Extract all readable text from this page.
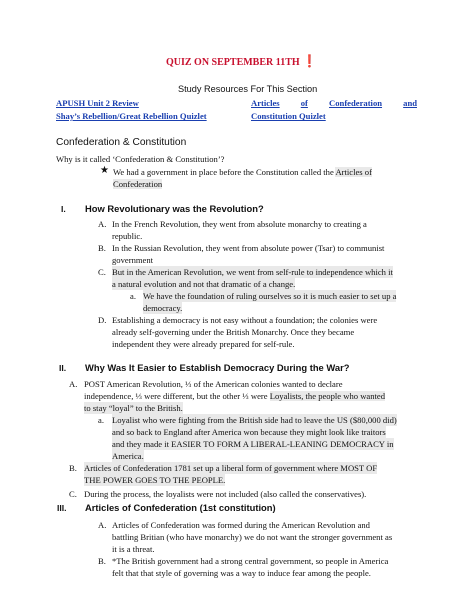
QUIZ ON SEPTEMBER 11TH ❗
Study Resources For This Section
APUSH Unit 2 Review
Shay’s Rebellion/Great Rebellion Quizlet
Articles of Confederation and
Constitution Quizlet
Confederation & Constitution
Why is it called ‘Confederation & Constitution’?
★ We had a government in place before the Constitution called the Articles of
Confederation
I. How Revolutionary was the Revolution?
A. In the French Revolution, they went from absolute monarchy to creating a
republic.
B. In the Russian Revolution, they went from absolute power (Tsar) to communist
government
C. But in the American Revolution, we went from self-rule to independence which it
a natural evolution and not that dramatic of a change.
a. We have the foundation of ruling ourselves so it is much easier to set up a
democracy.
D. Establishing a democracy is not easy without a foundation; the colonies were
already self-governing under the British Monarchy. Once they became
independent they were already prepared for self-rule.
II. Why Was It Easier to Establish Democracy During the War?
A. POST American Revolution, ⅓ of the American colonies wanted to declare
independence, ⅓ were different, but the other ⅓ were Loyalists, the people who wanted
to stay “loyal” to the British.
a. Loyalist who were fighting from the British side had to leave the US ($80,000 did)
and so back to England after America won because they might look like traitors
and they made it EASIER TO FORM A LIBERAL-LEANING DEMOCRACY in
America.
B. Articles of Confederation 1781 set up a liberal form of government where MOST OF
THE POWER GOES TO THE PEOPLE.
C. During the process, the loyalists were not included (also called the conservatives).
III. Articles of Confederation (1st constitution)
A. Articles of Confederation was formed during the American Revolution and
battling Britian (who have monarchy) we do not want the stronger government as
it is a threat.
B. *The British government had a strong central government, so people in America
felt that that style of governing was a way to induce fear among the people.
